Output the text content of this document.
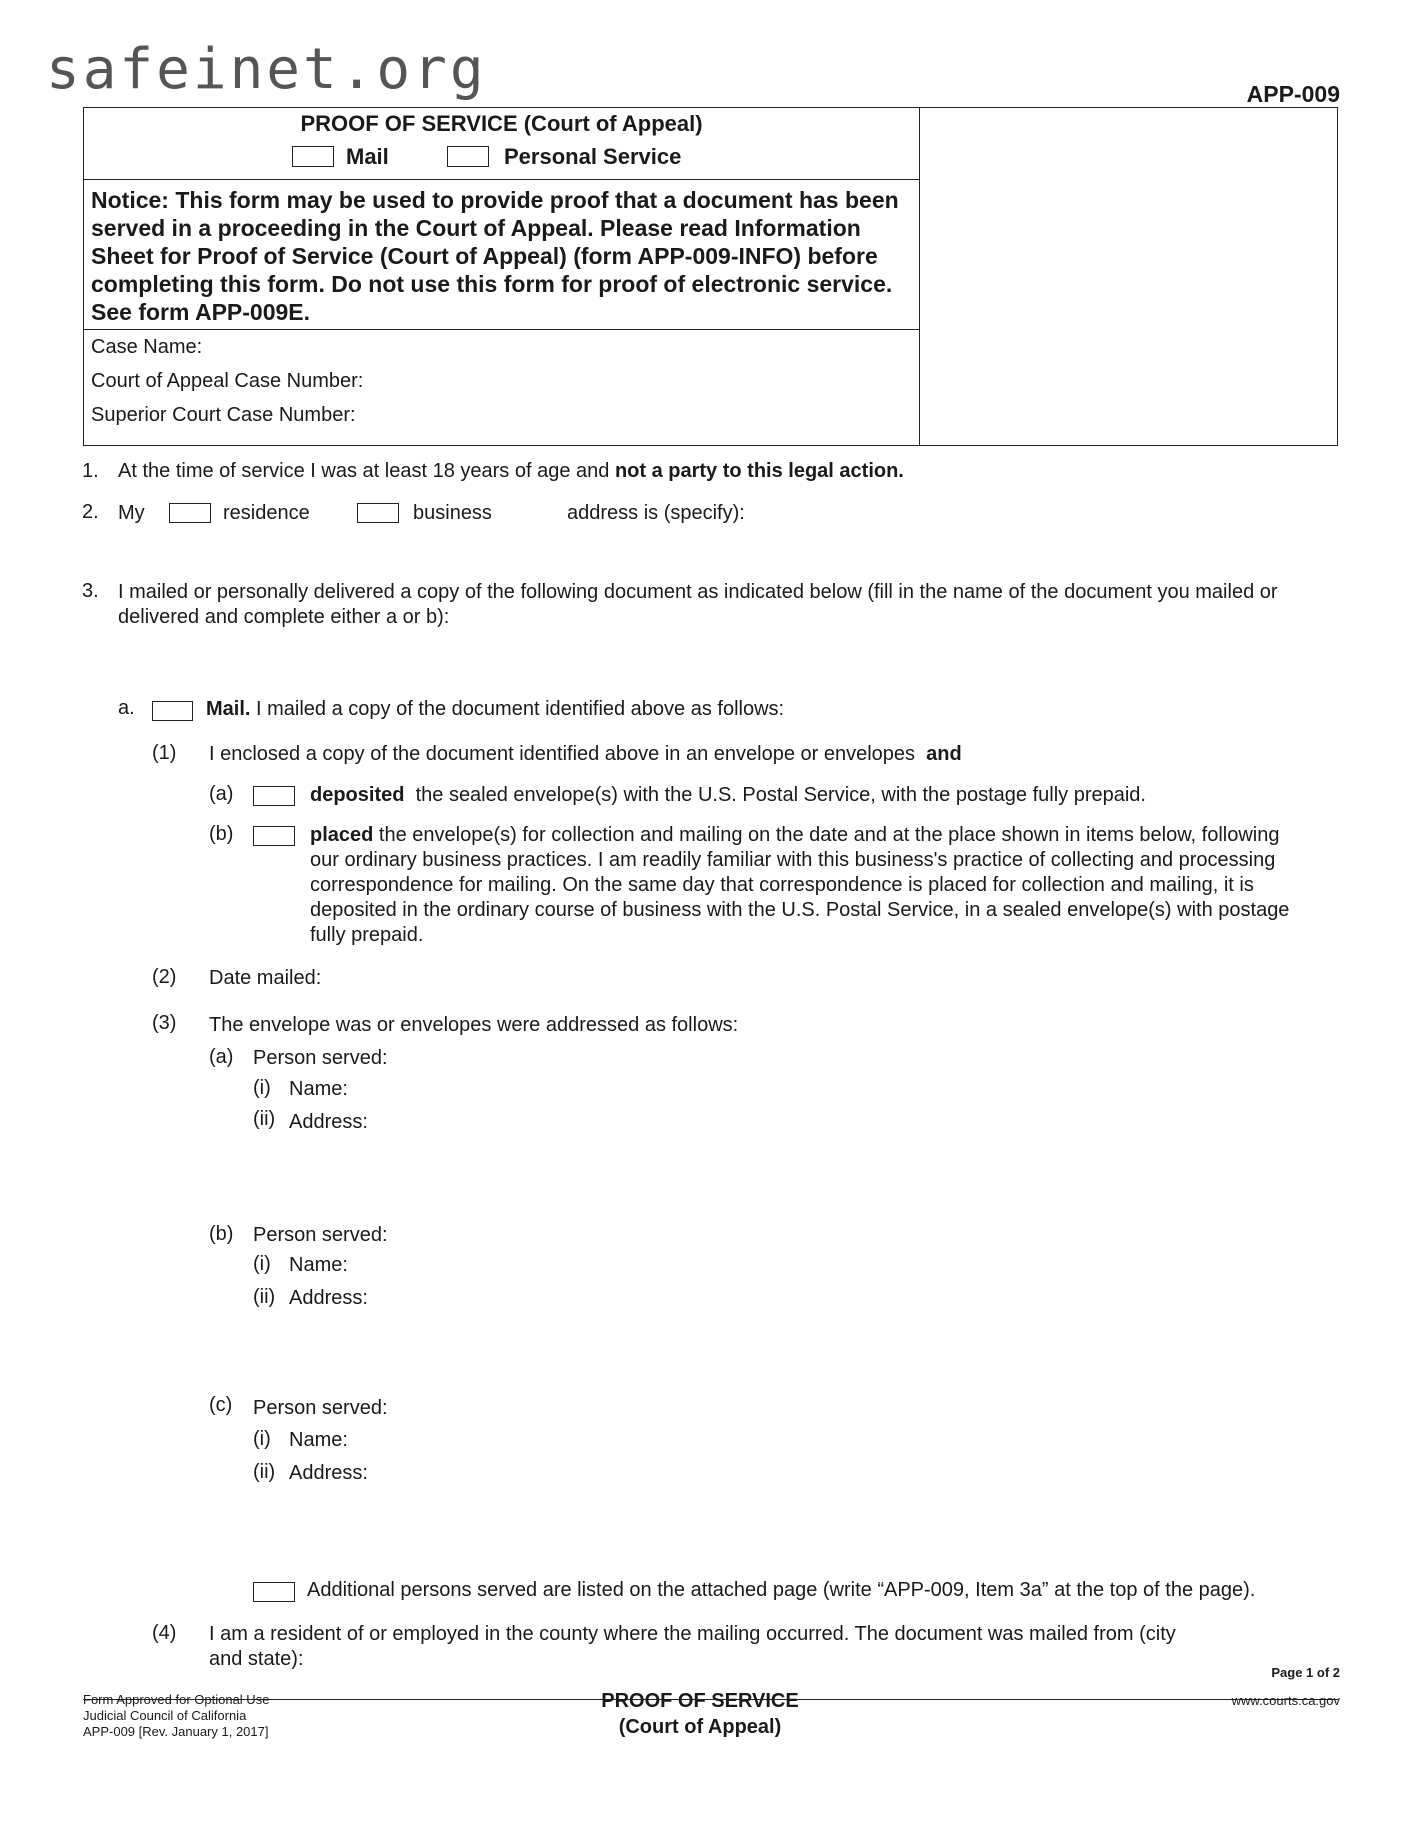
safeinet.org	APP-009
PROOF OF SERVICE (Court of Appeal)
Mail	Personal Service
Notice: This form may be used to provide proof that a document has been served in a proceeding in the Court of Appeal. Please read Information Sheet for Proof of Service (Court of Appeal) (form APP-009-INFO) before completing this form. Do not use this form for proof of electronic service. See form APP-009E.
Case Name:
Court of Appeal Case Number:
Superior Court Case Number:
1. At the time of service I was at least 18 years of age and not a party to this legal action.
2. My	residence	business	address is (specify):
3. I mailed or personally delivered a copy of the following document as indicated below (fill in the name of the document you mailed or delivered and complete either a or b):
a.	Mail. I mailed a copy of the document identified above as follows:
(1) I enclosed a copy of the document identified above in an envelope or envelopes and
(a)	deposited the sealed envelope(s) with the U.S. Postal Service, with the postage fully prepaid.
(b)	placed the envelope(s) for collection and mailing on the date and at the place shown in items below, following our ordinary business practices. I am readily familiar with this business's practice of collecting and processing correspondence for mailing. On the same day that correspondence is placed for collection and mailing, it is deposited in the ordinary course of business with the U.S. Postal Service, in a sealed envelope(s) with postage fully prepaid.
(2) Date mailed:
(3) The envelope was or envelopes were addressed as follows:
(a) Person served:
(i) Name:
(ii) Address:
(b) Person served:
(i) Name:
(ii) Address:
(c) Person served:
(i) Name:
(ii) Address:
Additional persons served are listed on the attached page (write “APP-009, Item 3a” at the top of the page).
(4) I am a resident of or employed in the county where the mailing occurred. The document was mailed from (city and state):
Page 1 of 2
Form Approved for Optional Use
Judicial Council of California
APP-009 [Rev. January 1, 2017]
PROOF OF SERVICE
(Court of Appeal)
www.courts.ca.gov
